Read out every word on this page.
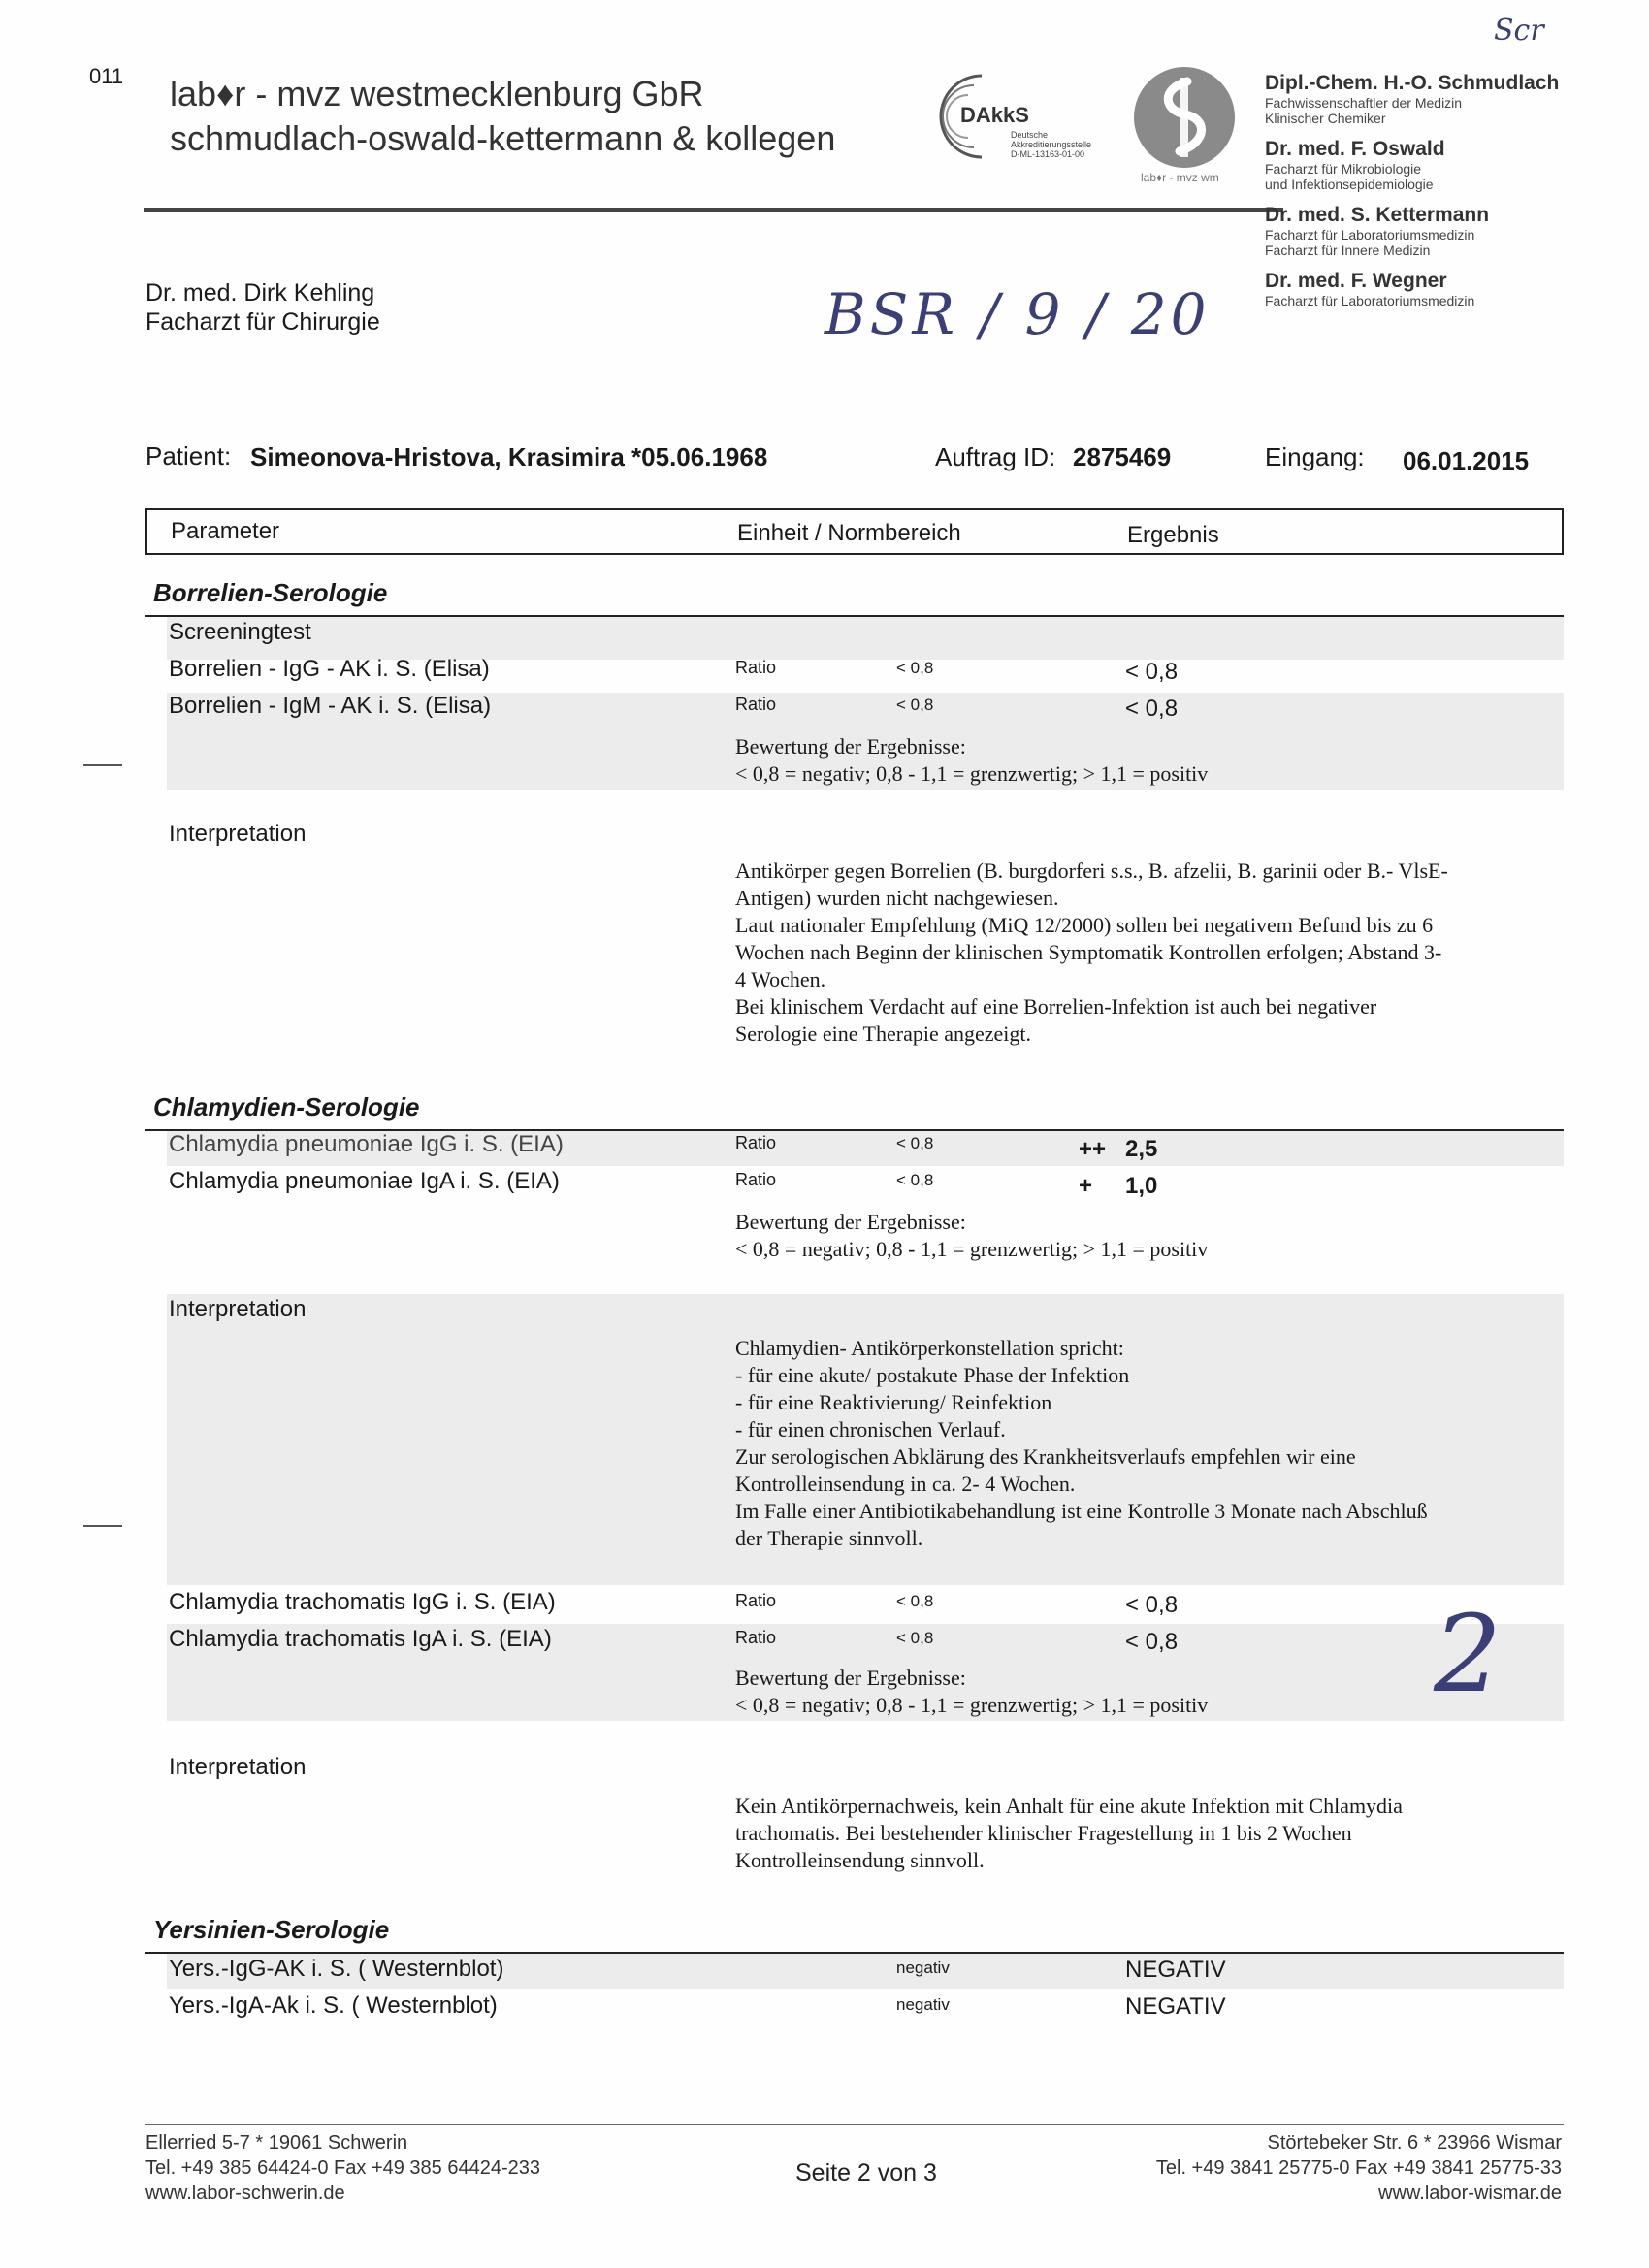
011
Scr
lab♦r - mvz westmecklenburg GbR
schmudlach-oswald-kettermann & kollegen
DAkkS
Deutsche
Akkreditierungsstelle
D-ML-13163-01-00
lab♦r - mvz wm
Dipl.-Chem. H.-O. Schmudlach
Fachwissenschaftler der Medizin
Klinischer Chemiker
Dr. med. F. Oswald
Facharzt für Mikrobiologie
und Infektionsepidemiologie
Dr. med. S. Kettermann
Facharzt für Laboratoriumsmedizin
Facharzt für Innere Medizin
Dr. med. F. Wegner
Facharzt für Laboratoriumsmedizin
Dr. med. Dirk Kehling
Facharzt für Chirurgie	BSR / 9 / 20
Patient: Simeonova-Hristova, Krasimira *05.06.1968	Auftrag ID: 2875469	Eingang: 06.01.2015
Parameter	Einheit / Normbereich	Ergebnis
Borrelien-Serologie
Screeningtest
Borrelien - IgG - AK i. S. (Elisa)	Ratio	< 0,8	< 0,8
Borrelien - IgM - AK i. S. (Elisa)	Ratio	< 0,8	< 0,8
Bewertung der Ergebnisse:
< 0,8 = negativ; 0,8 - 1,1 = grenzwertig; > 1,1 = positiv
Interpretation
Antikörper gegen Borrelien (B. burgdorferi s.s., B. afzelii, B. garinii oder B.- VlsE-
Antigen) wurden nicht nachgewiesen.
Laut nationaler Empfehlung (MiQ 12/2000) sollen bei negativem Befund bis zu 6
Wochen nach Beginn der klinischen Symptomatik Kontrollen erfolgen; Abstand 3-
4 Wochen.
Bei klinischem Verdacht auf eine Borrelien-Infektion ist auch bei negativer
Serologie eine Therapie angezeigt.
Chlamydien-Serologie
Chlamydia pneumoniae IgG i. S. (EIA)	Ratio	< 0,8	++ 2,5
Chlamydia pneumoniae IgA i. S. (EIA)	Ratio	< 0,8	+ 1,0
Bewertung der Ergebnisse:
< 0,8 = negativ; 0,8 - 1,1 = grenzwertig; > 1,1 = positiv
Interpretation
Chlamydien- Antikörperkonstellation spricht:
- für eine akute/ postakute Phase der Infektion
- für eine Reaktivierung/ Reinfektion
- für einen chronischen Verlauf.
Zur serologischen Abklärung des Krankheitsverlaufs empfehlen wir eine
Kontrolleinsendung in ca. 2- 4 Wochen.
Im Falle einer Antibiotikabehandlung ist eine Kontrolle 3 Monate nach Abschluß
der Therapie sinnvoll.
Chlamydia trachomatis IgG i. S. (EIA)	Ratio	< 0,8	< 0,8
Chlamydia trachomatis IgA i. S. (EIA)	Ratio	< 0,8	< 0,8
Bewertung der Ergebnisse:
< 0,8 = negativ; 0,8 - 1,1 = grenzwertig; > 1,1 = positiv 2
Interpretation
Kein Antikörpernachweis, kein Anhalt für eine akute Infektion mit Chlamydia
trachomatis. Bei bestehender klinischer Fragestellung in 1 bis 2 Wochen
Kontrolleinsendung sinnvoll.
Yersinien-Serologie
Yers.-IgG-AK i. S. ( Westernblot)	negativ	NEGATIV
Yers.-IgA-Ak i. S. ( Westernblot)	negativ	NEGATIV
Ellerried 5-7 * 19061 Schwerin
Tel. +49 385 64424-0 Fax +49 385 64424-233
www.labor-schwerin.de
Seite 2 von 3
Störtebeker Str. 6 * 23966 Wismar
Tel. +49 3841 25775-0 Fax +49 3841 25775-33
www.labor-wismar.de
